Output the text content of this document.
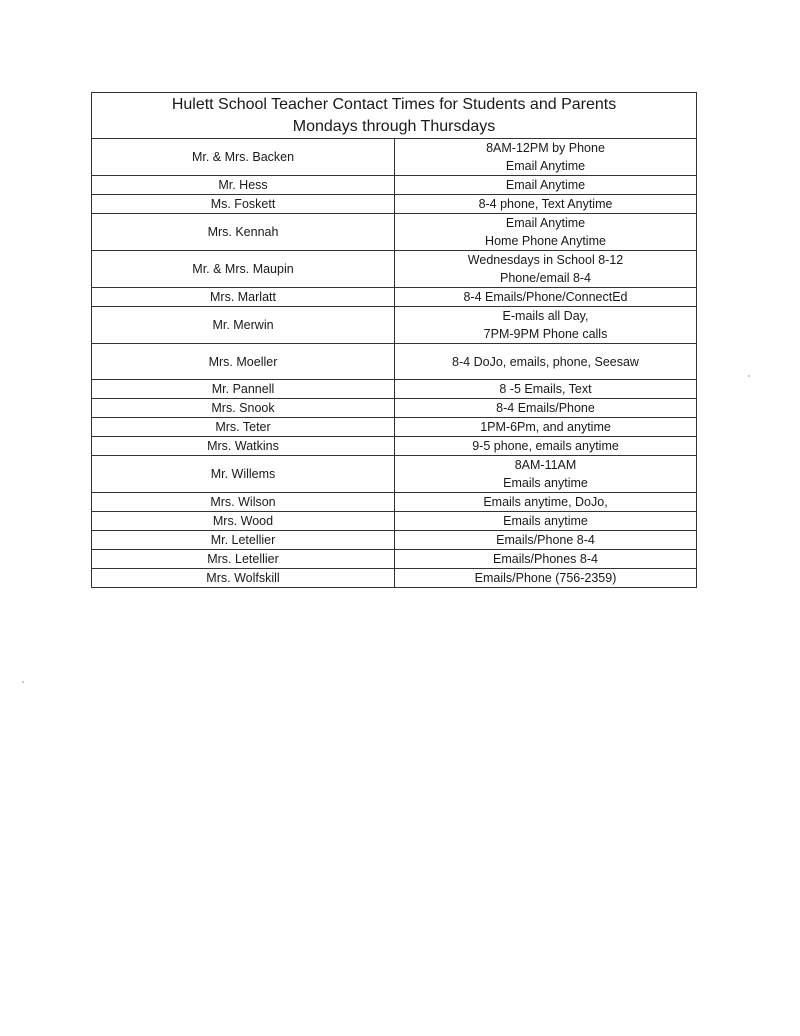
Hulett School Teacher Contact Times for Students and Parents
Mondays through Thursdays	

Mr. & Mrs. Backen	8AM-12PM by Phone
Email Anytime

Mr. Hess	Email Anytime

Ms. Foskett	8-4 phone, Text Anytime

Mrs. Kennah	Email Anytime
Home Phone Anytime

Mr. & Mrs. Maupin	Wednesdays in School 8-12
Phone/email 8-4

Mrs. Marlatt	8-4 Emails/Phone/ConnectEd

Mr. Merwin	E-mails all Day,
7PM-9PM Phone calls

Mrs. Moeller	8-4 DoJo, emails, phone, Seesaw

Mr. Pannell	8 -5 Emails, Text

Mrs. Snook	8-4 Emails/Phone

Mrs. Teter	1PM-6Pm, and anytime

Mrs. Watkins	9-5 phone, emails anytime

Mr. Willems	8AM-11AM
Emails anytime

Mrs. Wilson	Emails anytime, DoJo,

Mrs. Wood	Emails anytime

Mr. Letellier	Emails/Phone 8-4

Mrs. Letellier	Emails/Phones 8-4

Mrs. Wolfskill	Emails/Phone (756-2359)
